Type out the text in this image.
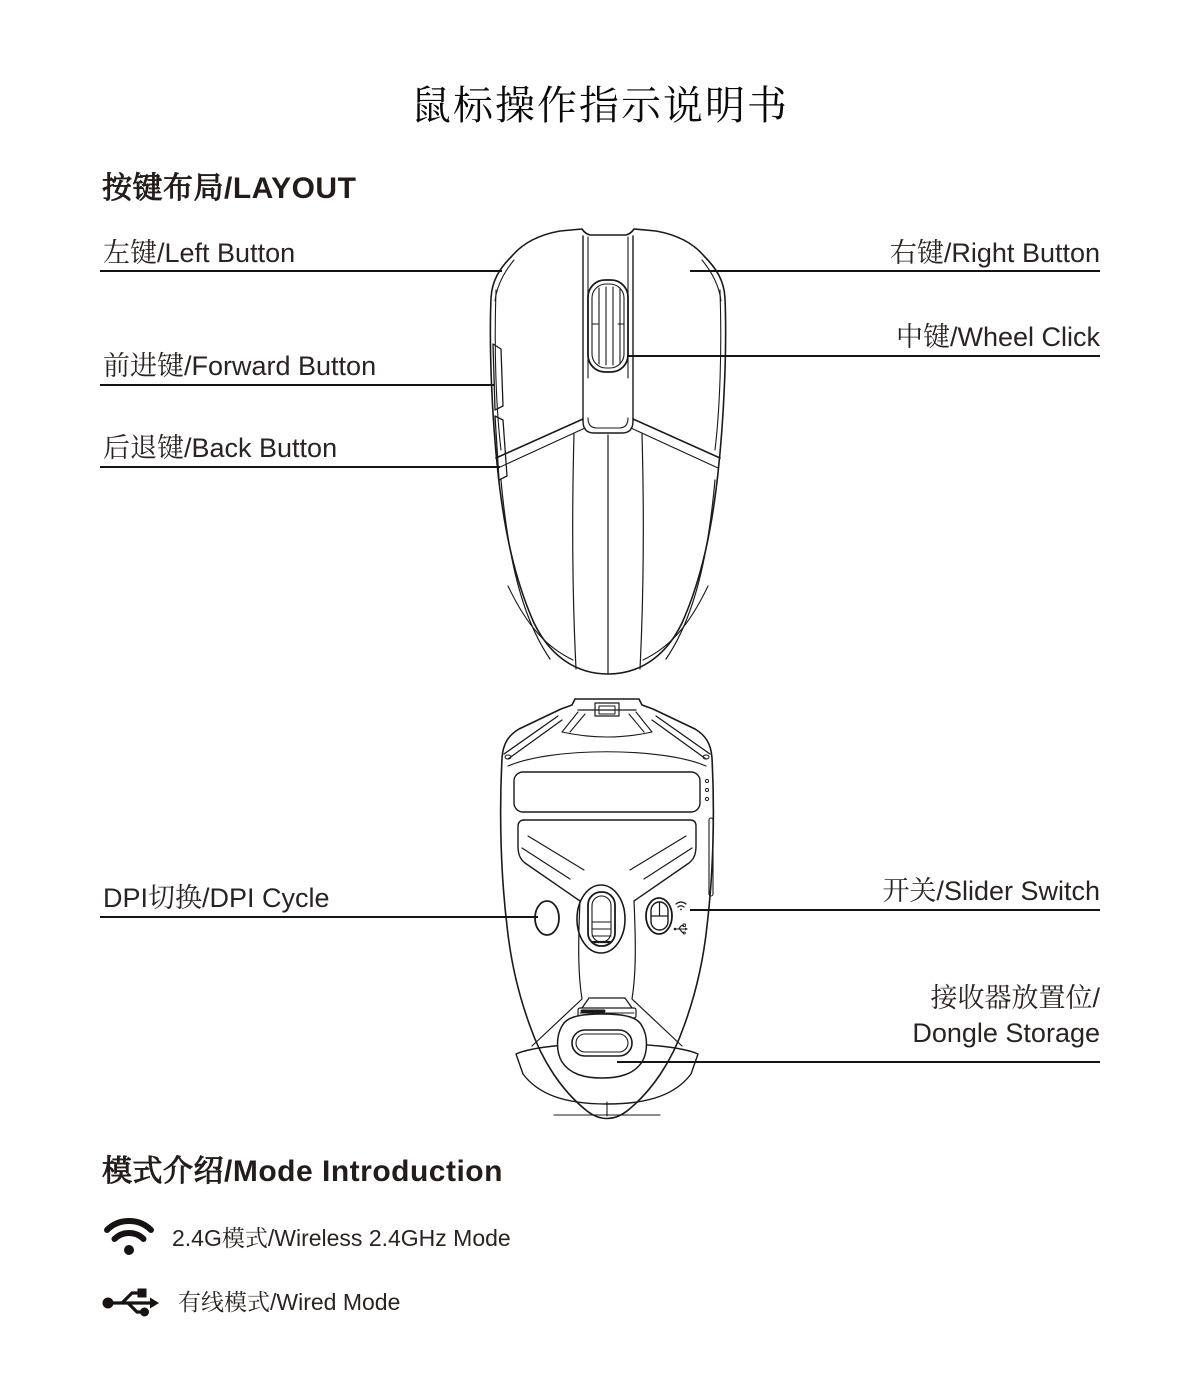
鼠标操作指示说明书
按键布局/LAYOUT
左键/Left Button	右键/Right Button
中键/Wheel Click
前进键/Forward Button
后退键/Back Button
DPI切换/DPI Cycle	开关/Slider Switch
接收器放置位/
Dongle Storage
模式介绍/Mode Introduction
2.4G模式/Wireless 2.4GHz Mode
有线模式/Wired Mode
